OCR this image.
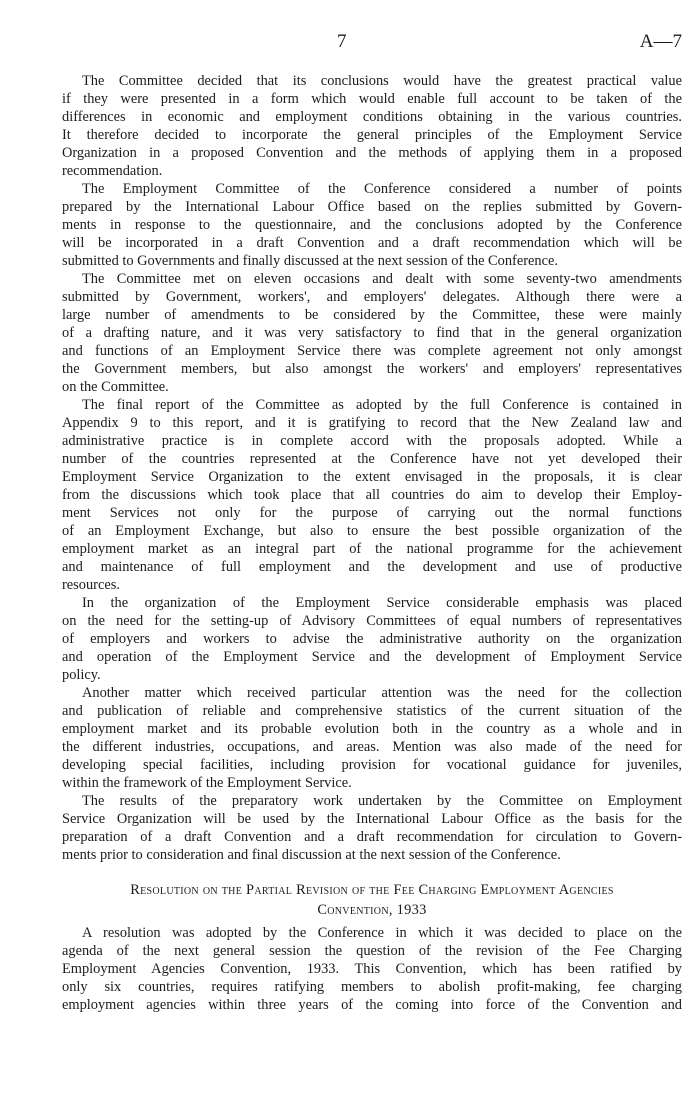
7	A—7
The Committee decided that its conclusions would have the greatest practical value
if they were presented in a form which would enable full account to be taken of the
differences in economic and employment conditions obtaining in the various countries.
It therefore decided to incorporate the general principles of the Employment Service
Organization in a proposed Convention and the methods of applying them in a proposed
recommendation.
The Employment Committee of the Conference considered a number of points
prepared by the International Labour Office based on the replies submitted by Govern-
ments in response to the questionnaire, and the conclusions adopted by the Conference
will be incorporated in a draft Convention and a draft recommendation which will be
submitted to Governments and finally discussed at the next session of the Conference.
The Committee met on eleven occasions and dealt with some seventy-two amendments
submitted by Government, workers', and employers' delegates. Although there were a
large number of amendments to be considered by the Committee, these were mainly
of a drafting nature, and it was very satisfactory to find that in the general organization
and functions of an Employment Service there was complete agreement not only amongst
the Government members, but also amongst the workers' and employers' representatives
on the Committee.
The final report of the Committee as adopted by the full Conference is contained in
Appendix 9 to this report, and it is gratifying to record that the New Zealand law and
administrative practice is in complete accord with the proposals adopted. While a
number of the countries represented at the Conference have not yet developed their
Employment Service Organization to the extent envisaged in the proposals, it is clear
from the discussions which took place that all countries do aim to develop their Employ-
ment Services not only for the purpose of carrying out the normal functions
of an Employment Exchange, but also to ensure the best possible organization of the
employment market as an integral part of the national programme for the achievement
and maintenance of full employment and the development and use of productive
resources.
In the organization of the Employment Service considerable emphasis was placed
on the need for the setting-up of Advisory Committees of equal numbers of representatives
of employers and workers to advise the administrative authority on the organization
and operation of the Employment Service and the development of Employment Service
policy.
Another matter which received particular attention was the need for the collection
and publication of reliable and comprehensive statistics of the current situation of the
employment market and its probable evolution both in the country as a whole and in
the different industries, occupations, and areas. Mention was also made of the need for
developing special facilities, including provision for vocational guidance for juveniles,
within the framework of the Employment Service.
The results of the preparatory work undertaken by the Committee on Employment
Service Organization will be used by the International Labour Office as the basis for the
preparation of a draft Convention and a draft recommendation for circulation to Govern-
ments prior to consideration and final discussion at the next session of the Conference.
Resolution on the Partial Revision of the Fee Charging Employment Agencies
Convention, 1933
A resolution was adopted by the Conference in which it was decided to place on the
agenda of the next general session the question of the revision of the Fee Charging
Employment Agencies Convention, 1933. This Convention, which has been ratified by
only six countries, requires ratifying members to abolish profit-making, fee charging
employment agencies within three years of the coming into force of the Convention and
